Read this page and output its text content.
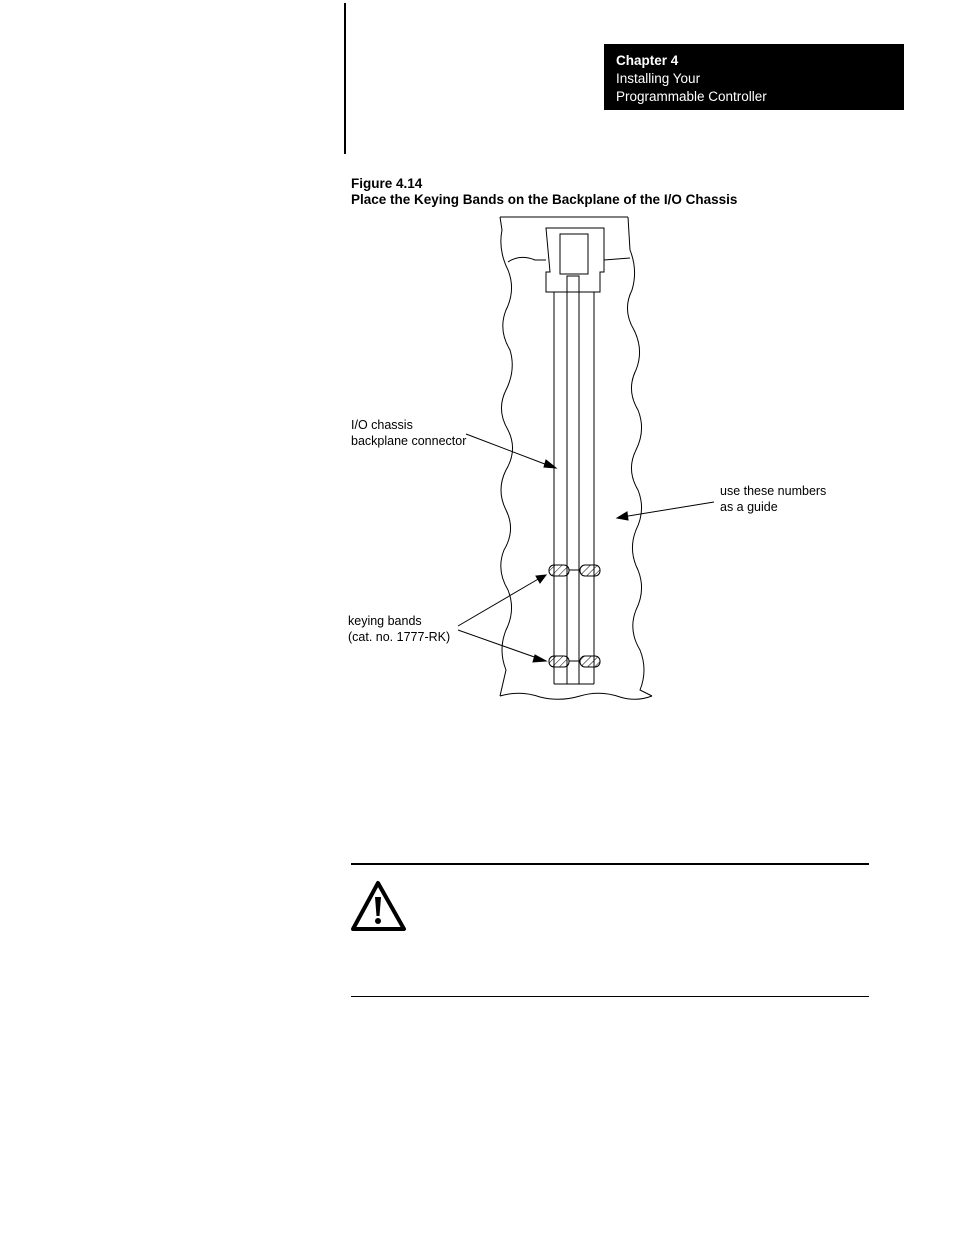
Chapter 4
Installing Your
Programmable Controller
Figure 4.14
Place the Keying Bands on the Backplane of the I/O Chassis
I/O chassis
backplane connector
use these numbers
as a guide
keying bands
(cat. no. 1777-RK)
